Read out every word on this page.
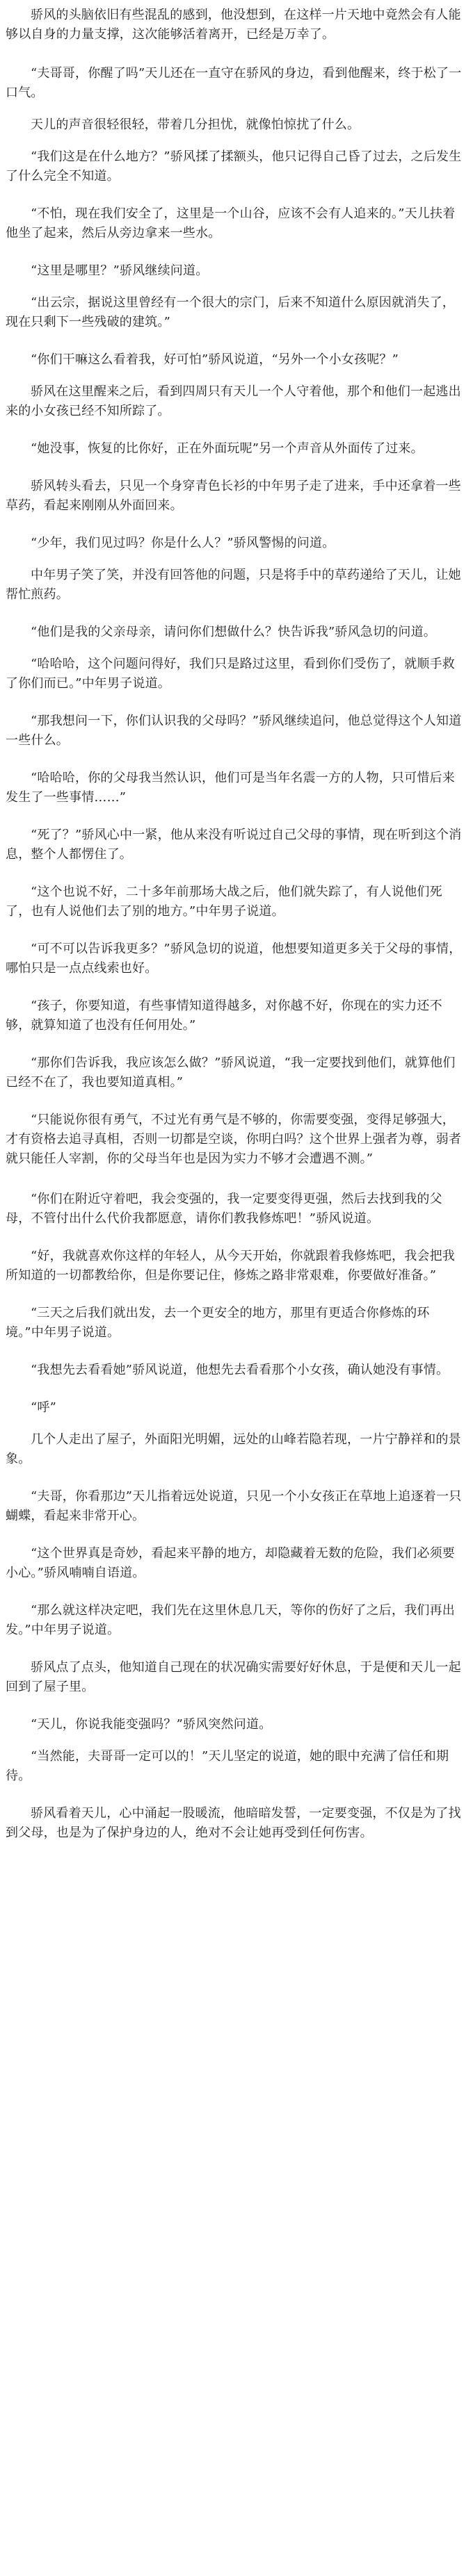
骄风的头脑依旧有些混乱的感到，他没想到，在这样一片天地中竟然会有人能够以自身的力量支撑，这次能够活着离开，已经是万幸了。

“夫哥哥，你醒了吗”天儿还在一直守在骄风的身边，看到他醒来，终于松了一口气。

天儿的声音很轻很轻，带着几分担忧，就像怕惊扰了什么。

“我们这是在什么地方？”骄风揉了揉额头，他只记得自己昏了过去，之后发生了什么完全不知道。

“不怕，现在我们安全了，这里是一个山谷，应该不会有人追来的。”天儿扶着他坐了起来，然后从旁边拿来一些水。

“这里是哪里？”骄风继续问道。

“出云宗，据说这里曾经有一个很大的宗门，后来不知道什么原因就消失了，现在只剩下一些残破的建筑。”

“你们干嘛这么看着我，好可怕”骄风说道，“另外一个小女孩呢？”

骄风在这里醒来之后，看到四周只有天儿一个人守着他，那个和他们一起逃出来的小女孩已经不知所踪了。

“她没事，恢复的比你好，正在外面玩呢”另一个声音从外面传了过来。

骄风转头看去，只见一个身穿青色长衫的中年男子走了进来，手中还拿着一些草药，看起来刚刚从外面回来。

“少年，我们见过吗？你是什么人？”骄风警惕的问道。

中年男子笑了笑，并没有回答他的问题，只是将手中的草药递给了天儿，让她帮忙煎药。

“他们是我的父亲母亲，请问你们想做什么？快告诉我”骄风急切的问道。

“哈哈哈，这个问题问得好，我们只是路过这里，看到你们受伤了，就顺手救了你们而已。”中年男子说道。

“那我想问一下，你们认识我的父母吗？”骄风继续追问，他总觉得这个人知道一些什么。

“哈哈哈，你的父母我当然认识，他们可是当年名震一方的人物，只可惜后来发生了一些事情……”

“死了？”骄风心中一紧，他从来没有听说过自己父母的事情，现在听到这个消息，整个人都愣住了。

“这个也说不好，二十多年前那场大战之后，他们就失踪了，有人说他们死了，也有人说他们去了别的地方。”中年男子说道。

“可不可以告诉我更多？”骄风急切的说道，他想要知道更多关于父母的事情，哪怕只是一点点线索也好。

“孩子，你要知道，有些事情知道得越多，对你越不好，你现在的实力还不够，就算知道了也没有任何用处。”

“那你们告诉我，我应该怎么做？”骄风说道，“我一定要找到他们，就算他们已经不在了，我也要知道真相。”

“只能说你很有勇气，不过光有勇气是不够的，你需要变强，变得足够强大，才有资格去追寻真相，否则一切都是空谈，你明白吗？这个世界上强者为尊，弱者就只能任人宰割，你的父母当年也是因为实力不够才会遭遇不测。”

“你们在附近守着吧，我会变强的，我一定要变得更强，然后去找到我的父母，不管付出什么代价我都愿意，请你们教我修炼吧！”骄风说道。

“好，我就喜欢你这样的年轻人，从今天开始，你就跟着我修炼吧，我会把我所知道的一切都教给你，但是你要记住，修炼之路非常艰难，你要做好准备。”

“三天之后我们就出发，去一个更安全的地方，那里有更适合你修炼的环境。”中年男子说道。

“我想先去看看她”骄风说道，他想先去看看那个小女孩，确认她没有事情。

“呼”

几个人走出了屋子，外面阳光明媚，远处的山峰若隐若现，一片宁静祥和的景象。

“夫哥，你看那边”天儿指着远处说道，只见一个小女孩正在草地上追逐着一只蝴蝶，看起来非常开心。

“这个世界真是奇妙，看起来平静的地方，却隐藏着无数的危险，我们必须要小心。”骄风喃喃自语道。

“那么就这样决定吧，我们先在这里休息几天，等你的伤好了之后，我们再出发。”中年男子说道。

骄风点了点头，他知道自己现在的状况确实需要好好休息，于是便和天儿一起回到了屋子里。

“天儿，你说我能变强吗？”骄风突然问道。

“当然能，夫哥哥一定可以的！”天儿坚定的说道，她的眼中充满了信任和期待。

骄风看着天儿，心中涌起一股暖流，他暗暗发誓，一定要变强，不仅是为了找到父母，也是为了保护身边的人，绝对不会让她再受到任何伤害。
